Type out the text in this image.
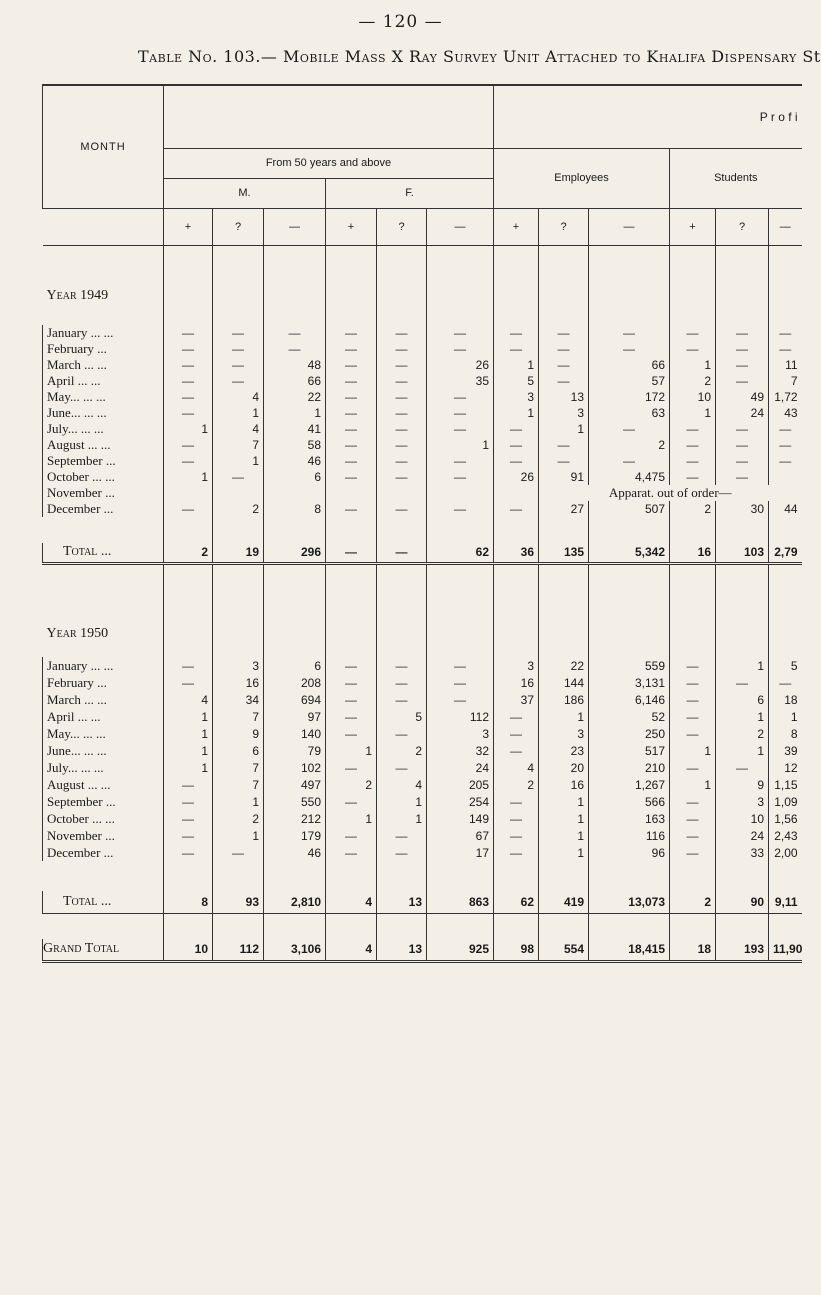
— 120 —
Table No. 103.— Mobile Mass X Ray Survey Unit Attached to Khalifa Dispensary St
MONTH							P r o f i					
	From 50 years and above						Employees			Students		
	M.			F.								
	+	?	—	+	?	—	+	?	—	+	?	—

Year 1949												

January ... ...	—	—	—	—	—	—	—	—	—	—	—	—
February ...	—	—	—	—	—	—	—	—	—	—	—	—
March ... ...	—	—	48	—	—	26	1	—	66	1	—	11
April ... ...	—	—	66	—	—	35	5	—	57	2	—	7
May... ... ...	—	4	22	—	—	—	3	13	172	10	49	1,72
June... ... ...	—	1	1	—	—	—	1	3	63	1	24	43
July... ... ...	1	4	41	—	—	—	—	1	—	—	—	—
August ... ...	—	7	58	—	—	1	—	—	2	—	—	—
September ...	—	1	46	—	—	—	—	—	—	—	—	—
October ... ...	1	—	6	—	—	—	26	91	4,475	—	—	
November ...								Apparat. out of order—				
December ...	—	2	8	—	—	—	—	27	507	2	30	44

Total ...	2	19	296	—	—	62	36	135	5,342	16	103	2,79

Year 1950												

January ... ...	—	3	6	—	—	—	3	22	559	—	1	5
February ...	—	16	208	—	—	—	16	144	3,131	—	—	—
March ... ...	4	34	694	—	—	—	37	186	6,146	—	6	18
April ... ...	1	7	97	—	5	112	—	1	52	—	1	1
May... ... ...	1	9	140	—	—	3	—	3	250	—	2	8
June... ... ...	1	6	79	1	2	32	—	23	517	1	1	39
July... ... ...	1	7	102	—	—	24	4	20	210	—	—	12
August ... ...	—	7	497	2	4	205	2	16	1,267	1	9	1,15
September ...	—	1	550	—	1	254	—	1	566	—	3	1,09
October ... ...	—	2	212	1	1	149	—	1	163	—	10	1,56
November ...	—	1	179	—	—	67	—	1	116	—	24	2,43
December ...	—	—	46	—	—	17	—	1	96	—	33	2,00

Total ...	8	93	2,810	4	13	863	62	419	13,073	2	90	9,11

Grand Total	10	112	3,106	4	13	925	98	554	18,415	18	193	11,90
